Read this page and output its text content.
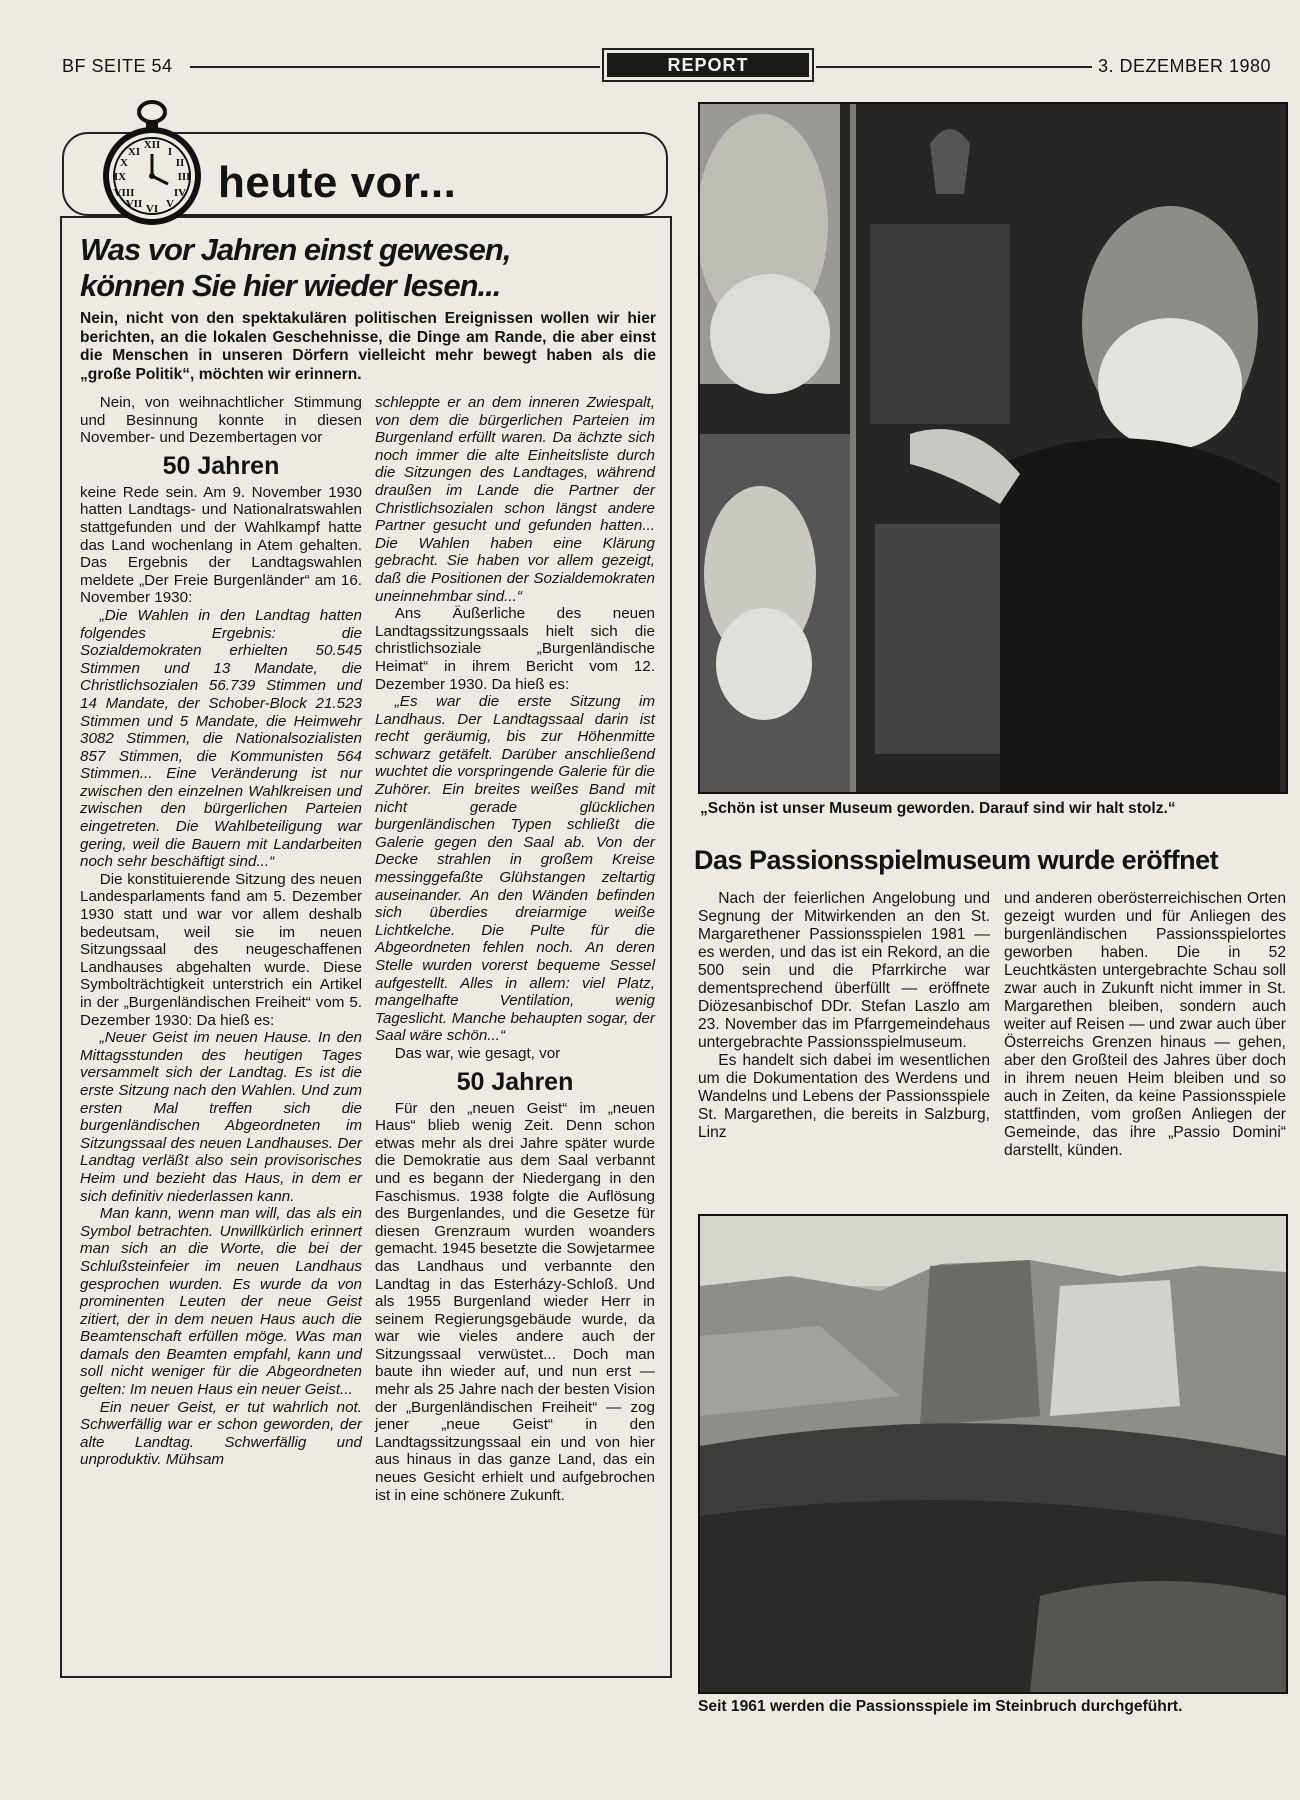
BF SEITE 54	REPORT	3. DEZEMBER 1980
XII
III
VI
IX
I
II
IV
V
VII
VIII
X
XI
heute vor...
Was vor Jahren einst gewesen,
können Sie hier wieder lesen...
Nein, nicht von den spektakulären politischen Ereignissen wollen wir hier berichten, an die lokalen Geschehnisse, die Dinge am Rande, die aber einst die Menschen in unseren Dörfern vielleicht mehr bewegt haben als die „große Politik“, möchten wir erinnern.

Nein, von weihnachtlicher Stimmung und Besinnung konnte in diesen November- und Dezembertagen vor

50 Jahren

keine Rede sein. Am 9. November 1930 hatten Landtags- und Nationalratswahlen stattgefunden und der Wahlkampf hatte das Land wochenlang in Atem gehalten. Das Ergebnis der Landtagswahlen meldete „Der Freie Burgenländer“ am 16. November 1930:

„Die Wahlen in den Landtag hatten folgendes Ergebnis: die Sozialdemokraten erhielten 50.545 Stimmen und 13 Mandate, die Christlichsozialen 56.739 Stimmen und 14 Mandate, der Schober-Block 21.523 Stimmen und 5 Mandate, die Heimwehr 3082 Stimmen, die Nationalsozialisten 857 Stimmen, die Kommunisten 564 Stimmen... Eine Veränderung ist nur zwischen den einzelnen Wahlkreisen und zwischen den bürgerlichen Parteien eingetreten. Die Wahlbeteiligung war gering, weil die Bauern mit Landarbeiten noch sehr beschäftigt sind...“

Die konstituierende Sitzung des neuen Landesparlaments fand am 5. Dezember 1930 statt und war vor allem deshalb bedeutsam, weil sie im neuen Sitzungssaal des neugeschaffenen Landhauses abgehalten wurde. Diese Symbolträchtigkeit unterstrich ein Artikel in der „Burgenländischen Freiheit“ vom 5. Dezember 1930: Da hieß es:

„Neuer Geist im neuen Hause. In den Mittagsstunden des heutigen Tages versammelt sich der Landtag. Es ist die erste Sitzung nach den Wahlen. Und zum ersten Mal treffen sich die burgenländischen Abgeordneten im Sitzungssaal des neuen Landhauses. Der Landtag verläßt also sein provisorisches Heim und bezieht das Haus, in dem er sich definitiv niederlassen kann.

Man kann, wenn man will, das als ein Symbol betrachten. Unwillkürlich erinnert man sich an die Worte, die bei der Schlußsteinfeier im neuen Landhaus gesprochen wurden. Es wurde da von prominenten Leuten der neue Geist zitiert, der in dem neuen Haus auch die Beamtenschaft erfüllen möge. Was man damals den Beamten empfahl, kann und soll nicht weniger für die Abgeordneten gelten: Im neuen Haus ein neuer Geist...

Ein neuer Geist, er tut wahrlich not. Schwerfällig war er schon geworden, der alte Landtag. Schwerfällig und unproduktiv. Mühsam

schleppte er an dem inneren Zwiespalt, von dem die bürgerlichen Parteien im Burgenland erfüllt waren. Da ächzte sich noch immer die alte Einheitsliste durch die Sitzungen des Landtages, während draußen im Lande die Partner der Christlichsozialen schon längst andere Partner gesucht und gefunden hatten... Die Wahlen haben eine Klärung gebracht. Sie haben vor allem gezeigt, daß die Positionen der Sozialdemokraten uneinnehmbar sind...“

Ans Äußerliche des neuen Landtagssitzungssaals hielt sich die christlichsoziale „Burgenländische Heimat“ in ihrem Bericht vom 12. Dezember 1930. Da hieß es:

„Es war die erste Sitzung im Landhaus. Der Landtagssaal darin ist recht geräumig, bis zur Höhenmitte schwarz getäfelt. Darüber anschließend wuchtet die vorspringende Galerie für die Zuhörer. Ein breites weißes Band mit nicht gerade glücklichen burgenländischen Typen schließt die Galerie gegen den Saal ab. Von der Decke strahlen in großem Kreise messinggefaßte Glühstangen zeltartig auseinander. An den Wänden befinden sich überdies dreiarmige weiße Lichtkelche. Die Pulte für die Abgeordneten fehlen noch. An deren Stelle wurden vorerst bequeme Sessel aufgestellt. Alles in allem: viel Platz, mangelhafte Ventilation, wenig Tageslicht. Manche behaupten sogar, der Saal wäre schön...“

Das war, wie gesagt, vor

50 Jahren

Für den „neuen Geist“ im „neuen Haus“ blieb wenig Zeit. Denn schon etwas mehr als drei Jahre später wurde die Demokratie aus dem Saal verbannt und es begann der Niedergang in den Faschismus. 1938 folgte die Auflösung des Burgenlandes, und die Gesetze für diesen Grenzraum wurden woanders gemacht. 1945 besetzte die Sowjetarmee das Landhaus und verbannte den Landtag in das Esterházy-Schloß. Und als 1955 Burgenland wieder Herr in seinem Regierungsgebäude wurde, da war wie vieles andere auch der Sitzungssaal verwüstet... Doch man baute ihn wieder auf, und nun erst — mehr als 25 Jahre nach der besten Vision der „Burgenländischen Freiheit“ — zog jener „neue Geist“ in den Landtagssitzungssaal ein und von hier aus hinaus in das ganze Land, das ein neues Gesicht erhielt und aufgebrochen ist in eine schönere Zukunft.

„Schön ist unser Museum geworden. Darauf sind wir halt stolz.“
Das Passionsspielmuseum wurde eröffnet

Nach der feierlichen Angelobung und Segnung der Mitwirkenden an den St. Margarethener Passionsspielen 1981 — es werden, und das ist ein Rekord, an die 500 sein und die Pfarrkirche war dementsprechend überfüllt — eröffnete Diözesanbischof DDr. Stefan Laszlo am 23. November das im Pfarrgemeindehaus untergebrachte Passionsspielmuseum.

Es handelt sich dabei im wesentlichen um die Dokumentation des Werdens und Wandelns und Lebens der Passionsspiele St. Margarethen, die bereits in Salzburg, Linz

und anderen oberösterreichischen Orten gezeigt wurden und für Anliegen des burgenländischen Passionsspielortes geworben haben. Die in 52 Leuchtkästen untergebrachte Schau soll zwar auch in Zukunft nicht immer in St. Margarethen bleiben, sondern auch weiter auf Reisen — und zwar auch über Österreichs Grenzen hinaus — gehen, aber den Großteil des Jahres über doch in ihrem neuen Heim bleiben und so auch in Zeiten, da keine Passionsspiele stattfinden, vom großen Anliegen der Gemeinde, das ihre „Passio Domini“ darstellt, künden.

Seit 1961 werden die Passionsspiele im Steinbruch durchgeführt.
